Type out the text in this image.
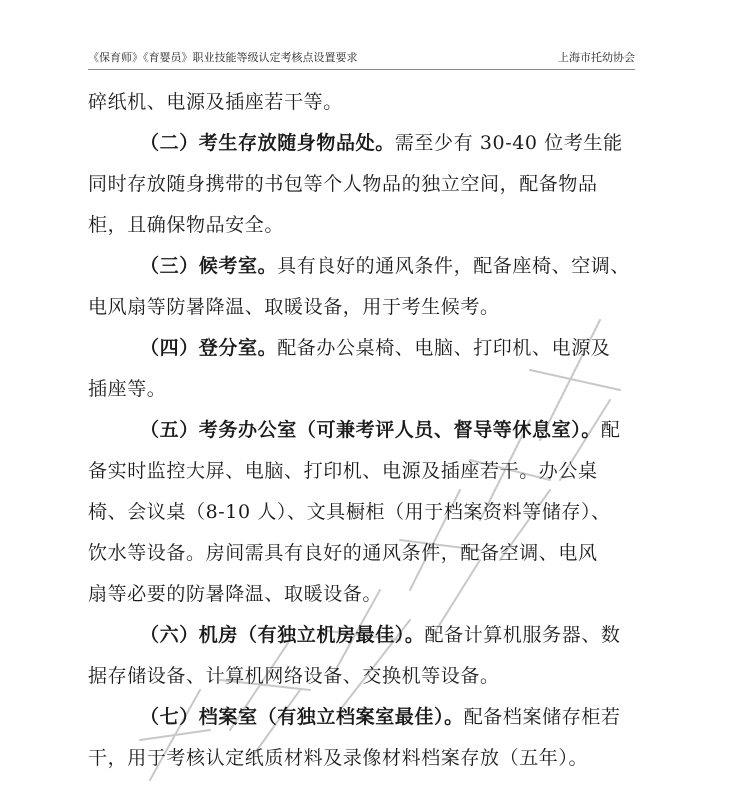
《保育师》《育婴员》职业技能等级认定考核点设置要求	上海市托幼协会
碎纸机、电源及插座若干等。
（二）考生存放随身物品处。需至少有 30-40 位考生能
同时存放随身携带的书包等个人物品的独立空间，配备物品
柜，且确保物品安全。
（三）候考室。具有良好的通风条件，配备座椅、空调、
电风扇等防暑降温、取暖设备，用于考生候考。
（四）登分室。配备办公桌椅、电脑、打印机、电源及
插座等。
（五）考务办公室（可兼考评人员、督导等休息室）。配
备实时监控大屏、电脑、打印机、电源及插座若干。办公桌
椅、会议桌（8-10 人）、文具橱柜（用于档案资料等储存）、
饮水等设备。房间需具有良好的通风条件，配备空调、电风
扇等必要的防暑降温、取暖设备。
（六）机房（有独立机房最佳）。配备计算机服务器、数
据存储设备、计算机网络设备、交换机等设备。
（七）档案室（有独立档案室最佳）。配备档案储存柜若
干，用于考核认定纸质材料及录像材料档案存放（五年）。
